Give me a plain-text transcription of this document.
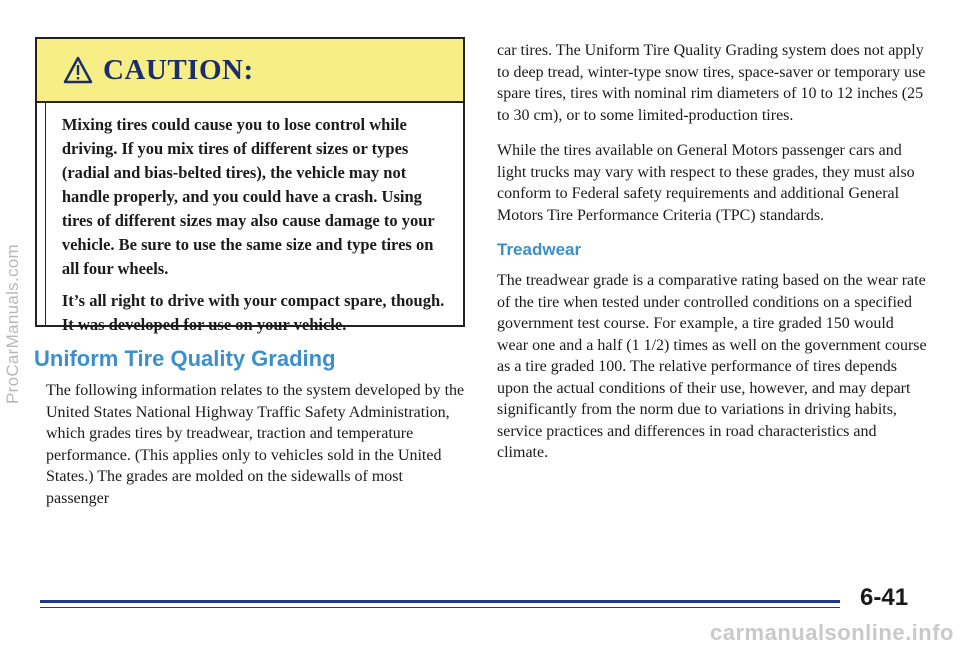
ProCarManuals.com
CAUTION:

Mixing tires could cause you to lose control while driving. If you mix tires of different sizes or types (radial and bias-belted tires), the vehicle may not handle properly, and you could have a crash. Using tires of different sizes may also cause damage to your vehicle. Be sure to use the same size and type tires on all four wheels.

It’s all right to drive with your compact spare, though. It was developed for use on your vehicle.

Uniform Tire Quality Grading

The following information relates to the system developed by the United States National Highway Traffic Safety Administration, which grades tires by treadwear, traction and temperature performance. (This applies only to vehicles sold in the United States.) The grades are molded on the sidewalls of most passenger

car tires. The Uniform Tire Quality Grading system does not apply to deep tread, winter-type snow tires, space-saver or temporary use spare tires, tires with nominal rim diameters of 10 to 12 inches (25 to 30 cm), or to some limited-production tires.

While the tires available on General Motors passenger cars and light trucks may vary with respect to these grades, they must also conform to Federal safety requirements and additional General Motors Tire Performance Criteria (TPC) standards.

Treadwear

The treadwear grade is a comparative rating based on the wear rate of the tire when tested under controlled conditions on a specified government test course. For example, a tire graded 150 would wear one and a half (1 1/2) times as well on the government course as a tire graded 100. The relative performance of tires depends upon the actual conditions of their use, however, and may depart significantly from the norm due to variations in driving habits, service practices and differences in road characteristics and climate.

6-41
carmanualsonline.info
